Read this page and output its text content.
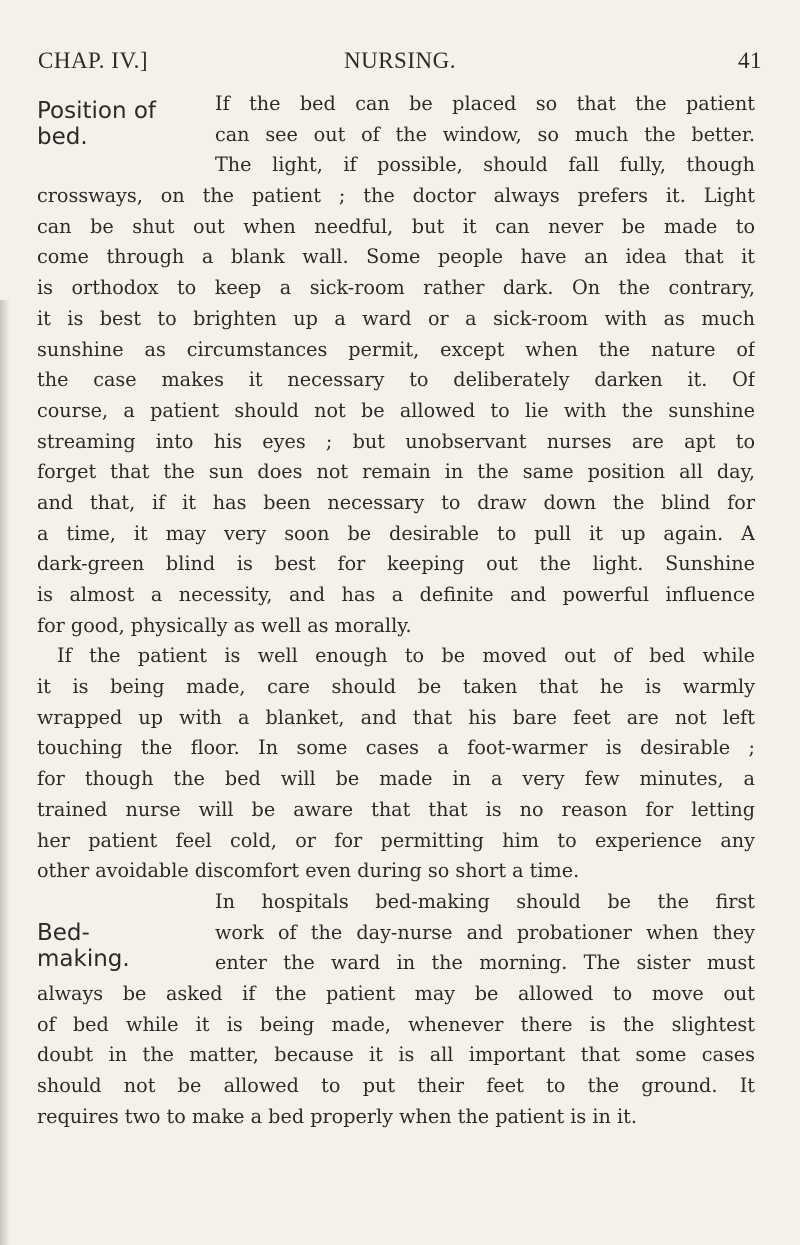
CHAP. IV.]	NURSING.	41
Position of
bed.
Bed-
making.
If the bed can be placed so that the patient
can see out of the window, so much the better.
The light, if possible, should fall fully, though
crossways, on the patient ; the doctor always prefers it. Light
can be shut out when needful, but it can never be made to
come through a blank wall. Some people have an idea that it
is orthodox to keep a sick-room rather dark. On the contrary,
it is best to brighten up a ward or a sick-room with as much
sunshine as circumstances permit, except when the nature of
the case makes it necessary to deliberately darken it. Of
course, a patient should not be allowed to lie with the sunshine
streaming into his eyes ; but unobservant nurses are apt to
forget that the sun does not remain in the same position all day,
and that, if it has been necessary to draw down the blind for
a time, it may very soon be desirable to pull it up again. A
dark-green blind is best for keeping out the light. Sunshine
is almost a necessity, and has a definite and powerful influence
for good, physically as well as morally.
If the patient is well enough to be moved out of bed while
it is being made, care should be taken that he is warmly
wrapped up with a blanket, and that his bare feet are not left
touching the floor. In some cases a foot-warmer is desirable ;
for though the bed will be made in a very few minutes, a
trained nurse will be aware that that is no reason for letting
her patient feel cold, or for permitting him to experience any
other avoidable discomfort even during so short a time.
In hospitals bed-making should be the first
work of the day-nurse and probationer when they
enter the ward in the morning. The sister must
always be asked if the patient may be allowed to move out
of bed while it is being made, whenever there is the slightest
doubt in the matter, because it is all important that some cases
should not be allowed to put their feet to the ground. It
requires two to make a bed properly when the patient is in it.
